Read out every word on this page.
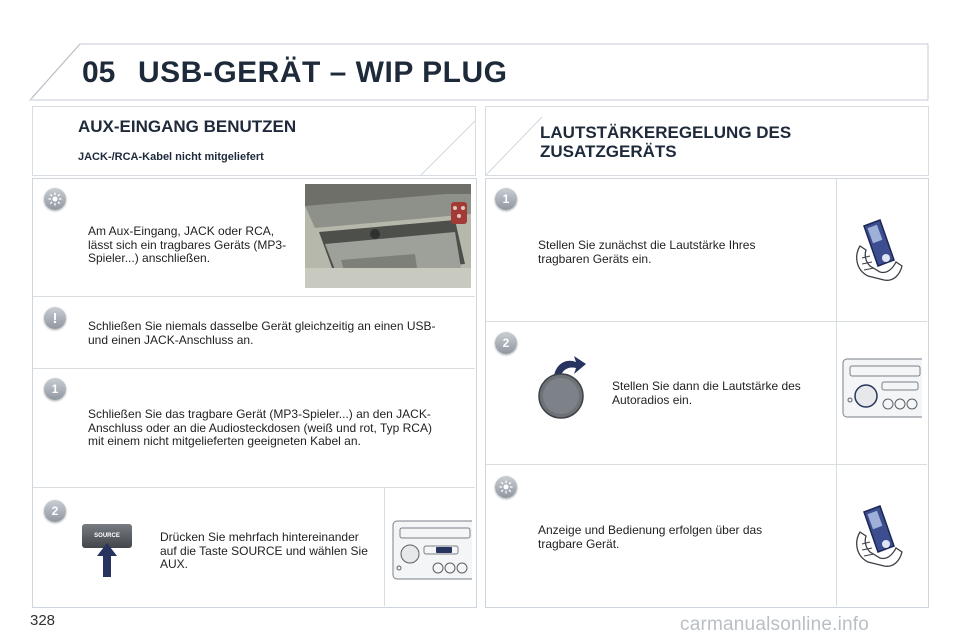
05 USB-GERÄT – WIP PLUG
AUX-EINGANG BENUTZEN
JACK-/RCA-Kabel nicht mitgeliefert
Am Aux-Eingang, JACK oder RCA, lässt sich ein tragbares Geräts (MP3-Spieler...) anschließen.
!	Schließen Sie niemals dasselbe Gerät gleichzeitig an einen USB- und einen JACK-Anschluss an.
1
Schließen Sie das tragbare Gerät (MP3-Spieler...) an den JACK-Anschluss oder an die Audiosteckdosen (weiß und rot, Typ RCA) mit einem nicht mitgelieferten geeigneten Kabel an.
2
SOURCE	Drücken Sie mehrfach hintereinander auf die Taste SOURCE und wählen Sie AUX.
LAUTSTÄRKEREGELUNG DES
ZUSATZGERÄTS
1
Stellen Sie zunächst die Lautstärke Ihres tragbaren Geräts ein.
2
Stellen Sie dann die Lautstärke des Autoradios ein.
Anzeige und Bedienung erfolgen über das tragbare Gerät.
328	carmanualsonline.info
